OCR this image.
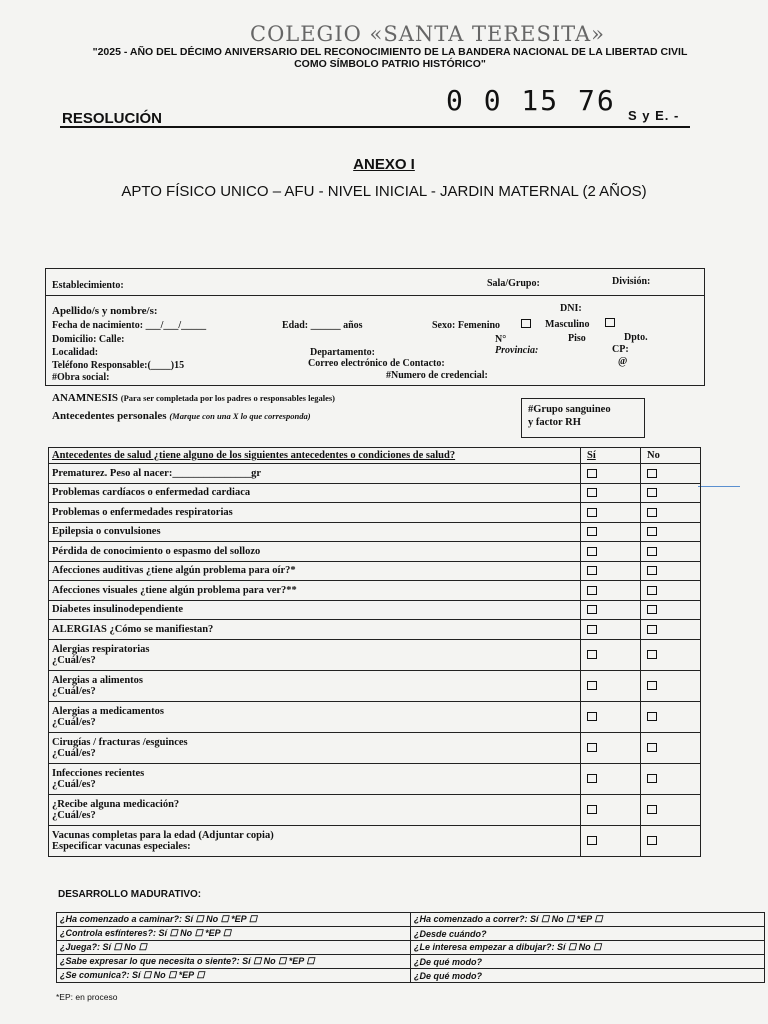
COLEGIO «SANTA TERESITA»
"2025 - AÑO DEL DÉCIMO ANIVERSARIO DEL RECONOCIMIENTO DE LA BANDERA NACIONAL DE LA LIBERTAD CIVIL
COMO SÍMBOLO PATRIO HISTÓRICO"
0 0 15 76
RESOLUCIÓN	S y E. -
ANEXO I
APTO FÍSICO UNICO – AFU - NIVEL INICIAL - JARDIN MATERNAL (2 AÑOS)
Establecimiento:	Sala/Grupo:	División:
Apellido/s y nombre/s:	DNI:
Fecha de nacimiento: ___/___/_____	Edad: ______ años	Sexo: Femenino	Masculino
Domicilio: Calle:	N°	Piso	Dpto.
Localidad:	Departamento:	Provincia:	CP:
Teléfono Responsable:(____)15	Correo electrónico de Contacto:	@
#Obra social:	#Numero de credencial:
ANAMNESIS (Para ser completada por los padres o responsables legales)
Antecedentes personales (Marque con una X lo que corresponda)
#Grupo sanguineo
y factor RH
Antecedentes de salud ¿tiene alguno de los siguientes antecedentes o condiciones de salud?	Sí	No

Prematurez. Peso al nacer:_______________gr		

Problemas cardíacos o enfermedad cardiaca		

Problemas o enfermedades respiratorias		

Epilepsia o convulsiones		

Pérdida de conocimiento o espasmo del sollozo		

Afecciones auditivas ¿tiene algún problema para oír?*		

Afecciones visuales ¿tiene algún problema para ver?**		

Diabetes insulinodependiente		

ALERGIAS ¿Cómo se manifiestan?		

Alergias respiratorias
¿Cuál/es?		

Alergias a alimentos
¿Cuál/es?		

Alergias a medicamentos
¿Cuál/es?		

Cirugías / fracturas /esguinces
¿Cuál/es?		

Infecciones recientes
¿Cuál/es?		

¿Recibe alguna medicación?
¿Cuál/es?		

Vacunas completas para la edad (Adjuntar copia)
Especificar vacunas especiales:		

DESARROLLO MADURATIVO:
¿Ha comenzado a caminar?: Sí ☐ No ☐ *EP ☐	¿Ha comenzado a correr?: Sí ☐ No ☐ *EP ☐
¿Controla esfínteres?: Sí ☐ No ☐ *EP ☐	¿Desde cuándo?
¿Juega?: Sí ☐ No ☐	¿Le interesa empezar a dibujar?: Sí ☐ No ☐
¿Sabe expresar lo que necesita o siente?: Sí ☐ No ☐ *EP ☐	¿De qué modo?
¿Se comunica?: Sí ☐ No ☐ *EP ☐	¿De qué modo?
*EP: en proceso
